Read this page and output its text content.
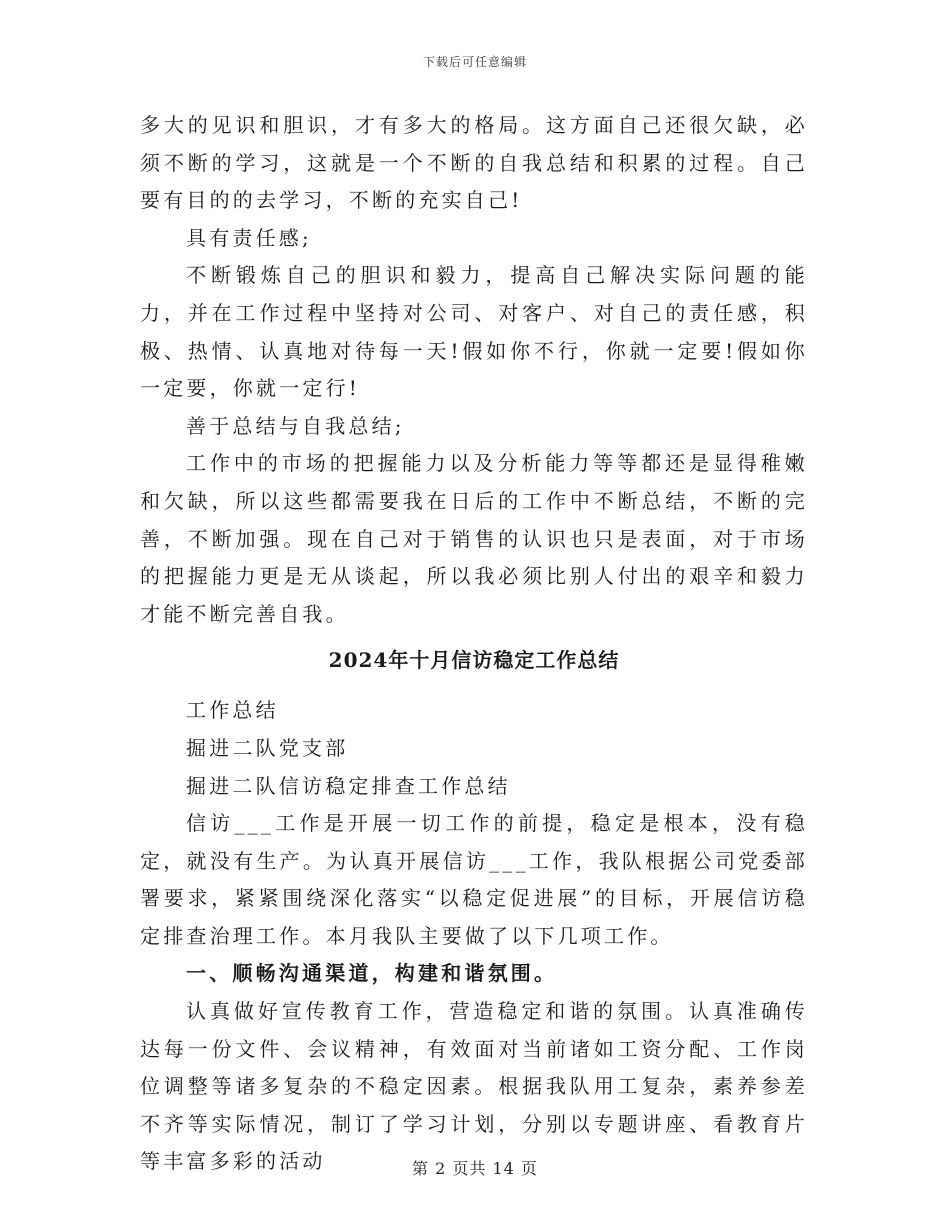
下载后可任意编辑

多大的见识和胆识，才有多大的格局。这方面自己还很欠缺，必须不断的学习，这就是一个不断的自我总结和积累的过程。自己要有目的的去学习，不断的充实自己!

具有责任感;

不断锻炼自己的胆识和毅力，提高自己解决实际问题的能力，并在工作过程中坚持对公司、对客户、对自己的责任感，积极、热情、认真地对待每一天!假如你不行，你就一定要!假如你一定要，你就一定行!

善于总结与自我总结;

工作中的市场的把握能力以及分析能力等等都还是显得稚嫩和欠缺，所以这些都需要我在日后的工作中不断总结，不断的完善，不断加强。现在自己对于销售的认识也只是表面，对于市场的把握能力更是无从谈起，所以我必须比别人付出的艰辛和毅力才能不断完善自我。

2024年十月信访稳定工作总结

工作总结

掘进二队党支部

掘进二队信访稳定排查工作总结

信访___工作是开展一切工作的前提，稳定是根本，没有稳定，就没有生产。为认真开展信访___工作，我队根据公司党委部署要求，紧紧围绕深化落实“以稳定促进展”的目标，开展信访稳定排查治理工作。本月我队主要做了以下几项工作。

一、顺畅沟通渠道，构建和谐氛围。

认真做好宣传教育工作，营造稳定和谐的氛围。认真准确传达每一份文件、会议精神，有效面对当前诸如工资分配、工作岗位调整等诸多复杂的不稳定因素。根据我队用工复杂，素养参差不齐等实际情况，制订了学习计划，分别以专题讲座、看教育片等丰富多彩的活动	第 2 页共 14 页
